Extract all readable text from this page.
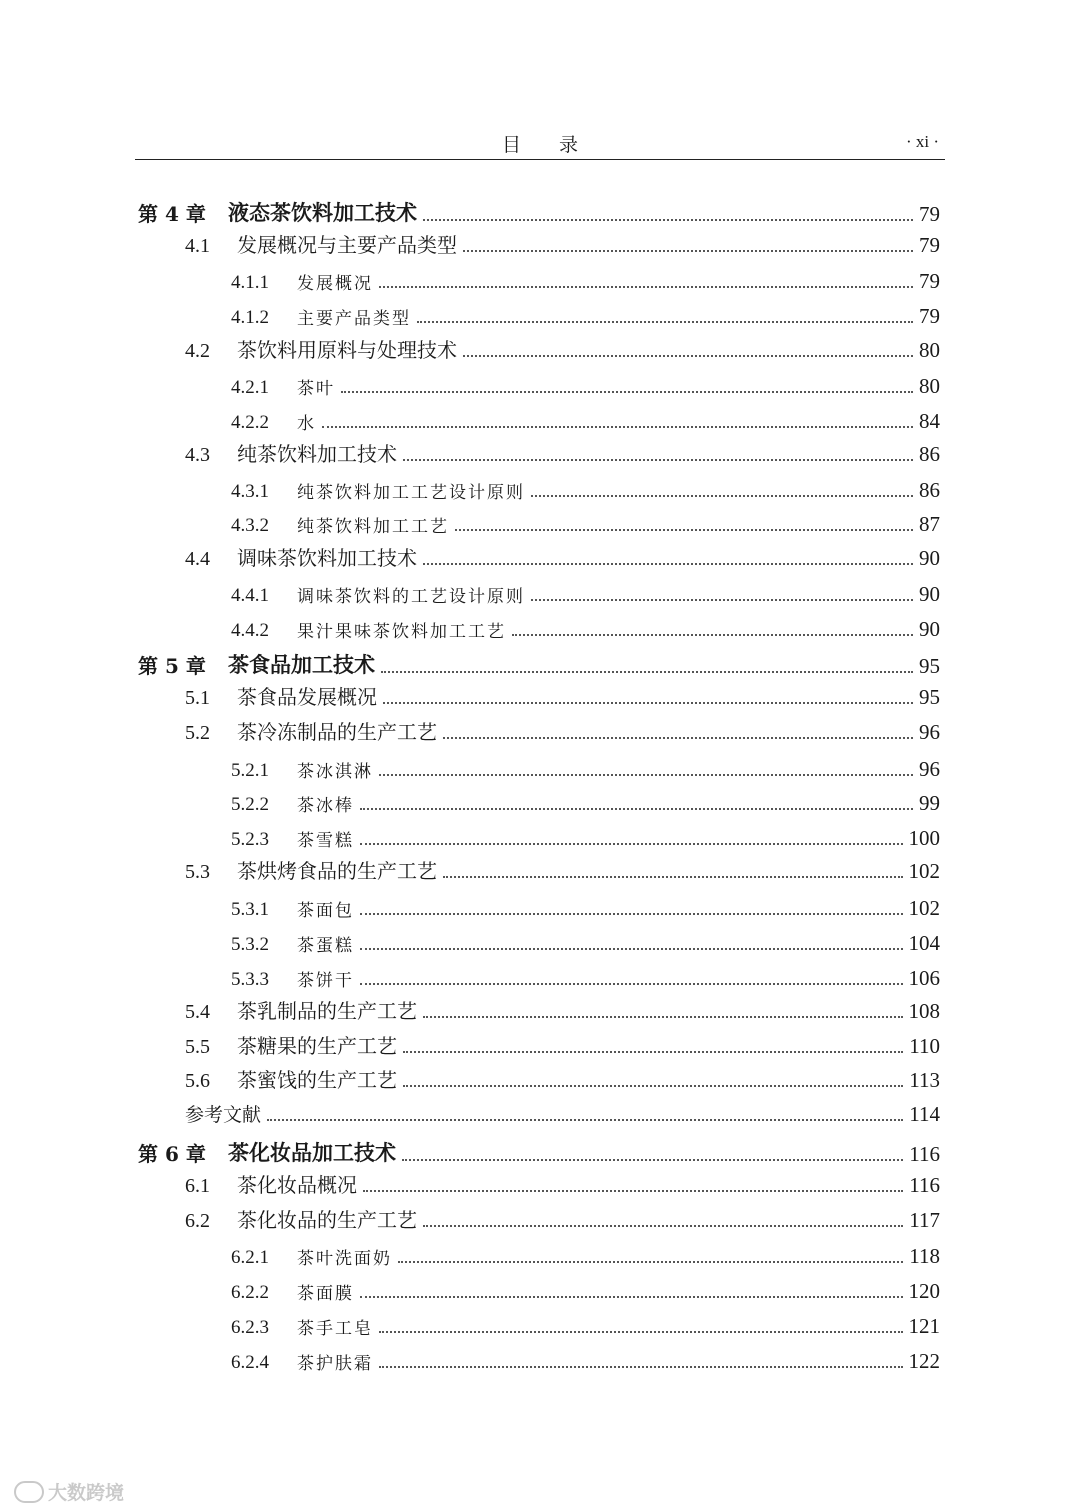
目录	· xi ·
第 4 章	液态茶饮料加工技术	79
4.1	发展概况与主要产品类型	79
4.1.1	发展概况	79
4.1.2	主要产品类型	79
4.2	茶饮料用原料与处理技术	80
4.2.1	茶叶	80
4.2.2	水	84
4.3	纯茶饮料加工技术	86
4.3.1	纯茶饮料加工工艺设计原则	86
4.3.2	纯茶饮料加工工艺	87
4.4	调味茶饮料加工技术	90
4.4.1	调味茶饮料的工艺设计原则	90
4.4.2	果汁果味茶饮料加工工艺	90
第 5 章	茶食品加工技术	95
5.1	茶食品发展概况	95
5.2	茶冷冻制品的生产工艺	96
5.2.1	茶冰淇淋	96
5.2.2	茶冰棒	99
5.2.3	茶雪糕	100
5.3	茶烘烤食品的生产工艺	102
5.3.1	茶面包	102
5.3.2	茶蛋糕	104
5.3.3	茶饼干	106
5.4	茶乳制品的生产工艺	108
5.5	茶糖果的生产工艺	110
5.6	茶蜜饯的生产工艺	113
参考文献	114
第 6 章	茶化妆品加工技术	116
6.1	茶化妆品概况	116
6.2	茶化妆品的生产工艺	117
6.2.1	茶叶洗面奶	118
6.2.2	茶面膜	120
6.2.3	茶手工皂	121
6.2.4	茶护肤霜	122
大数跨境
